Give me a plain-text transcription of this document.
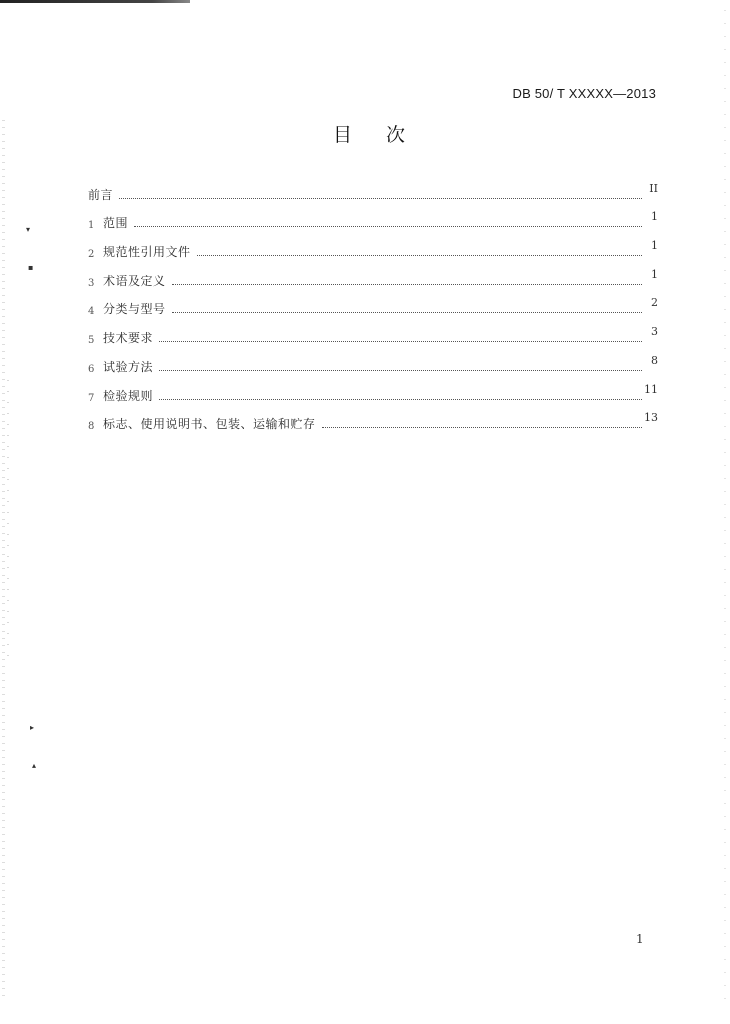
▾
▪
▸
▴
DB 50/ T XXXXX—2013
目 次
前言	II
1 范围	1
2 规范性引用文件	1
3 术语及定义	1
4 分类与型号	2
5 技术要求	3
6 试验方法	8
7 检验规则	11
8 标志、使用说明书、包装、运输和贮存	13
1
